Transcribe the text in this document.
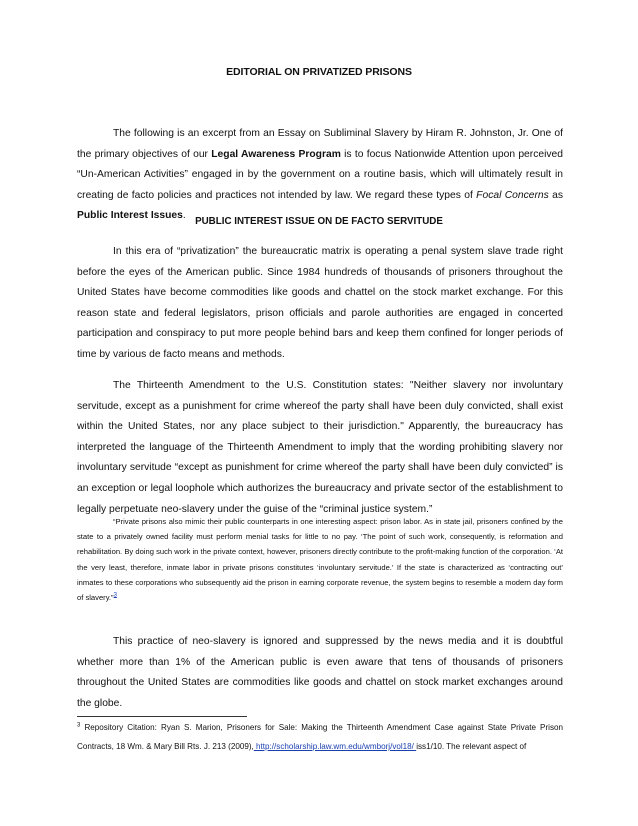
EDITORIAL ON PRIVATIZED PRISONS
The following is an excerpt from an Essay on Subliminal Slavery by Hiram R. Johnston, Jr. One of the primary objectives of our Legal Awareness Program is to focus Nationwide Attention upon perceived “Un-American Activities” engaged in by the government on a routine basis, which will ultimately result in creating de facto policies and practices not intended by law. We regard these types of Focal Concerns as Public Interest Issues.
PUBLIC INTEREST ISSUE ON DE FACTO SERVITUDE
In this era of “privatization” the bureaucratic matrix is operating a penal system slave trade right before the eyes of the American public. Since 1984 hundreds of thousands of prisoners throughout the United States have become commodities like goods and chattel on the stock market exchange. For this reason state and federal legislators, prison officials and parole authorities are engaged in concerted participation and conspiracy to put more people behind bars and keep them confined for longer periods of time by various de facto means and methods.
The Thirteenth Amendment to the U.S. Constitution states: "Neither slavery nor involuntary servitude, except as a punishment for crime whereof the party shall have been duly convicted, shall exist within the United States, nor any place subject to their jurisdiction." Apparently, the bureaucracy has interpreted the language of the Thirteenth Amendment to imply that the wording prohibiting slavery nor involuntary servitude “except as punishment for crime whereof the party shall have been duly convicted” is an exception or legal loophole which authorizes the bureaucracy and private sector of the establishment to legally perpetuate neo-slavery under the guise of the “criminal justice system.”
“Private prisons also mimic their public counterparts in one interesting aspect: prison labor. As in state jail, prisoners confined by the state to a privately owned facility must perform menial tasks for little to no pay. ‘The point of such work, consequently, is reformation and rehabilitation. By doing such work in the private context, however, prisoners directly contribute to the profit-making function of the corporation. ‘At the very least, therefore, inmate labor in private prisons constitutes ‘involuntary servitude.’ If the state is characterized as ‘contracting out’ inmates to these corporations who subsequently aid the prison in earning corporate revenue, the system begins to resemble a modern day form of slavery.”$^3$
This practice of neo-slavery is ignored and suppressed by the news media and it is doubtful whether more than 1% of the American public is even aware that tens of thousands of prisoners throughout the United States are commodities like goods and chattel on stock market exchanges around the globe.
$^3$ Repository Citation: Ryan S. Marion, Prisoners for Sale: Making the Thirteenth Amendment Case against State Private Prison Contracts, 18 Wm. & Mary Bill Rts. J. 213 (2009), http://scholarship.law.wm.edu/wmborj/vol18/ iss1/10. The relevant aspect of
